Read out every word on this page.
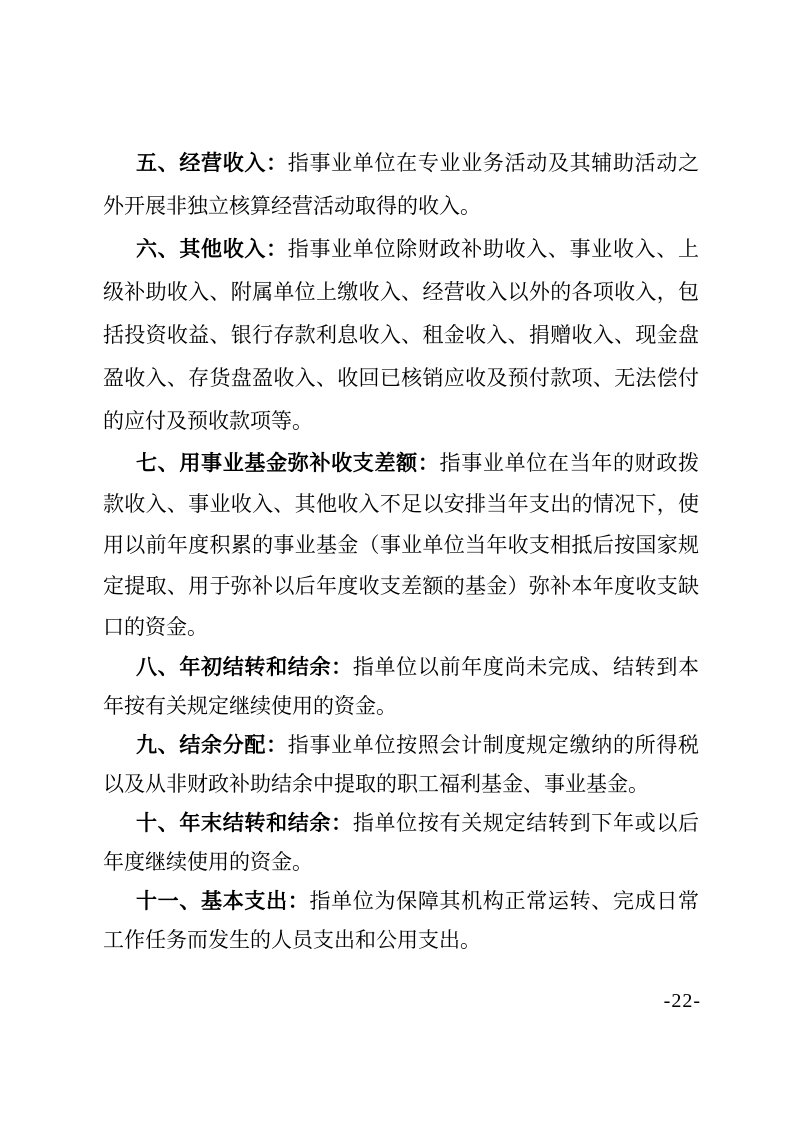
五、经营收入：指事业单位在专业业务活动及其辅助活动之外开展非独立核算经营活动取得的收入。

六、其他收入：指事业单位除财政补助收入、事业收入、上级补助收入、附属单位上缴收入、经营收入以外的各项收入，包括投资收益、银行存款利息收入、租金收入、捐赠收入、现金盘盈收入、存货盘盈收入、收回已核销应收及预付款项、无法偿付的应付及预收款项等。

七、用事业基金弥补收支差额：指事业单位在当年的财政拨款收入、事业收入、其他收入不足以安排当年支出的情况下，使用以前年度积累的事业基金（事业单位当年收支相抵后按国家规定提取、用于弥补以后年度收支差额的基金）弥补本年度收支缺口的资金。

八、年初结转和结余：指单位以前年度尚未完成、结转到本年按有关规定继续使用的资金。

九、结余分配：指事业单位按照会计制度规定缴纳的所得税以及从非财政补助结余中提取的职工福利基金、事业基金。

十、年末结转和结余：指单位按有关规定结转到下年或以后年度继续使用的资金。

十一、基本支出：指单位为保障其机构正常运转、完成日常工作任务而发生的人员支出和公用支出。

-22-
